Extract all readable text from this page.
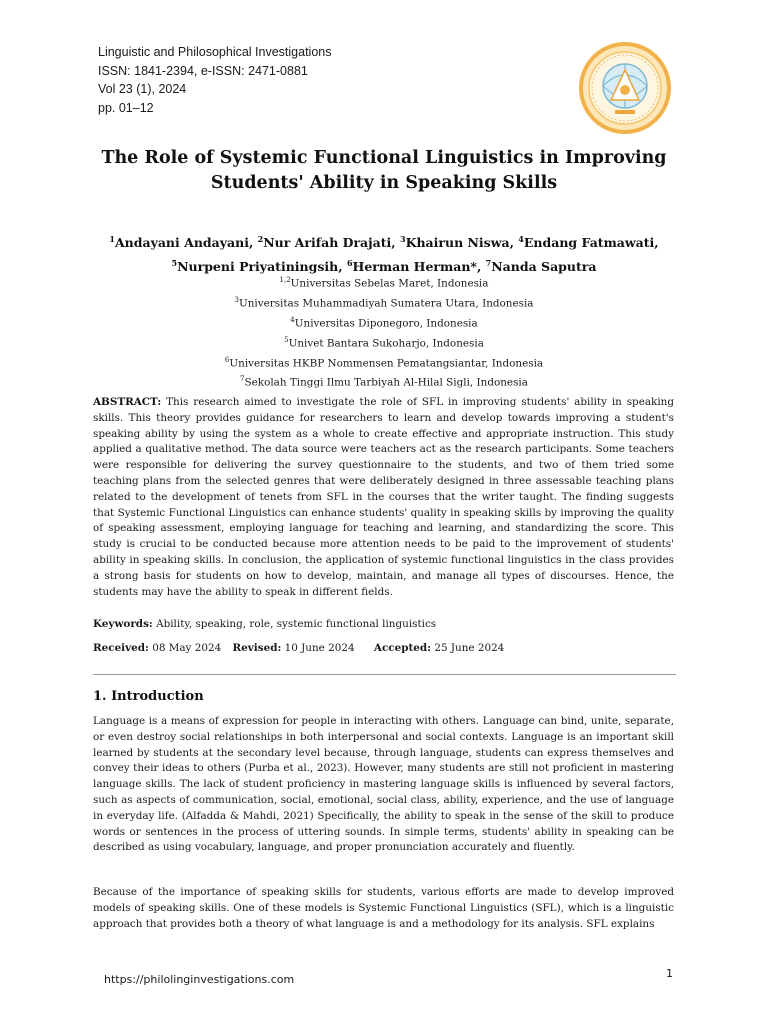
Linguistic and Philosophical Investigations
ISSN: 1841-2394, e-ISSN: 2471-0881
Vol 23 (1), 2024
pp. 01–12
The Role of Systemic Functional Linguistics in Improving
Students' Ability in Speaking Skills
$^1$Andayani Andayani, $^2$Nur Arifah Drajati, $^3$Khairun Niswa, $^4$Endang Fatmawati,
$^5$Nurpeni Priyatiningsih, $^6$Herman Herman*, $^7$Nanda Saputra
$^{1,2}$Universitas Sebelas Maret, Indonesia
$^3$Universitas Muhammadiyah Sumatera Utara, Indonesia
$^4$Universitas Diponegoro, Indonesia
$^5$Univet Bantara Sukoharjo, Indonesia
$^6$Universitas HKBP Nommensen Pematangsiantar, Indonesia
$^7$Sekolah Tinggi Ilmu Tarbiyah Al-Hilal Sigli, Indonesia
ABSTRACT: This research aimed to investigate the role of SFL in improving students' ability in speaking skills. This theory provides guidance for researchers to learn and develop towards improving a student's speaking ability by using the system as a whole to create effective and appropriate instruction. This study applied a qualitative method. The data source were teachers act as the research participants. Some teachers were responsible for delivering the survey questionnaire to the students, and two of them tried some teaching plans from the selected genres that were deliberately designed in three assessable teaching plans related to the development of tenets from SFL in the courses that the writer taught. The finding suggests that Systemic Functional Linguistics can enhance students' quality in speaking skills by improving the quality of speaking assessment, employing language for teaching and learning, and standardizing the score. This study is crucial to be conducted because more attention needs to be paid to the improvement of students' ability in speaking skills. In conclusion, the application of systemic functional linguistics in the class provides a strong basis for students on how to develop, maintain, and manage all types of discourses. Hence, the students may have the ability to speak in different fields.
Keywords: Ability, speaking, role, systemic functional linguistics
Received: 08 May 2024 Revised: 10 June 2024 Accepted: 25 June 2024
1. Introduction
Language is a means of expression for people in interacting with others. Language can bind, unite, separate, or even destroy social relationships in both interpersonal and social contexts. Language is an important skill learned by students at the secondary level because, through language, students can express themselves and convey their ideas to others (Purba et al., 2023). However, many students are still not proficient in mastering language skills. The lack of student proficiency in mastering language skills is influenced by several factors, such as aspects of communication, social, emotional, social class, ability, experience, and the use of language in everyday life. (Alfadda & Mahdi, 2021) Specifically, the ability to speak in the sense of the skill to produce words or sentences in the process of uttering sounds. In simple terms, students' ability in speaking can be described as using vocabulary, language, and proper pronunciation accurately and fluently.
Because of the importance of speaking skills for students, various efforts are made to develop improved models of speaking skills. One of these models is Systemic Functional Linguistics (SFL), which is a linguistic approach that provides both a theory of what language is and a methodology for its analysis. SFL explains
https://philolinginvestigations.com	1
